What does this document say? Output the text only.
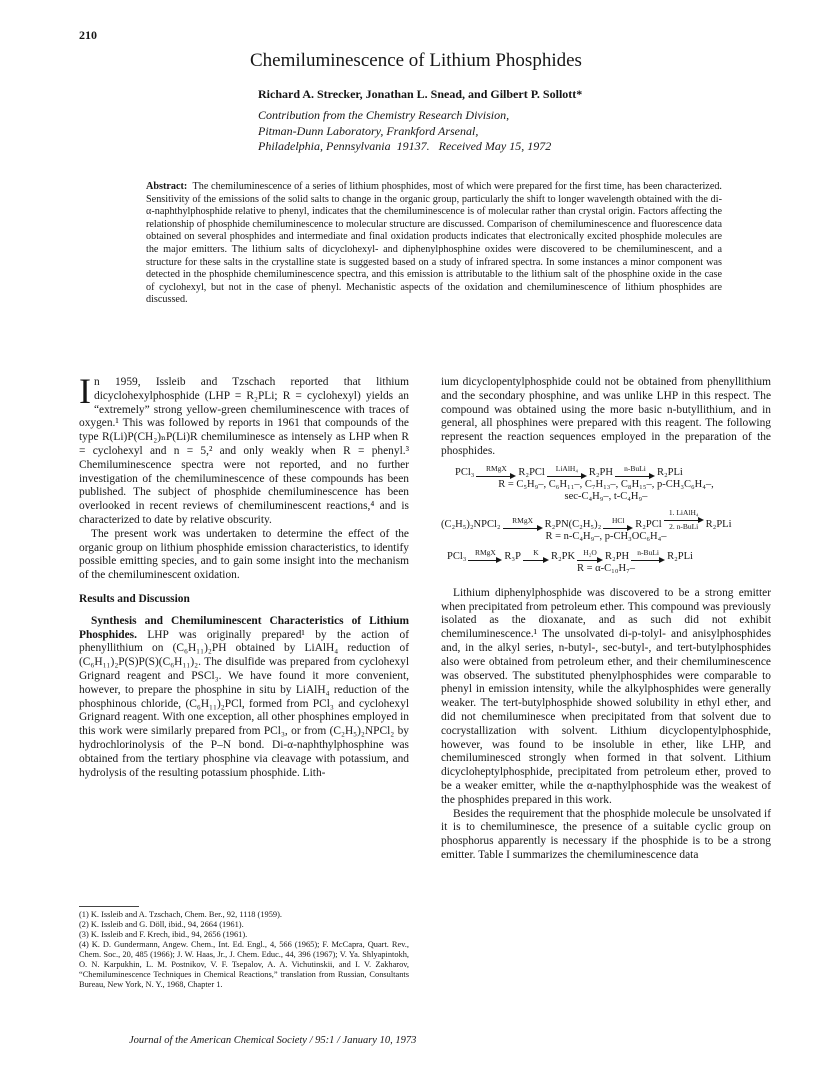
210
Chemiluminescence of Lithium Phosphides
Richard A. Strecker, Jonathan L. Snead, and Gilbert P. Sollott*
Contribution from the Chemistry Research Division,
Pitman-Dunn Laboratory, Frankford Arsenal,
Philadelphia, Pennsylvania  19137.   Received May 15, 1972
Abstract: The chemiluminescence of a series of lithium phosphides, most of which were prepared for the first time, has been characterized. Sensitivity of the emissions of the solid salts to change in the organic group, particularly the shift to longer wavelength obtained with the di-α-naphthylphosphide relative to phenyl, indicates that the chemiluminescence is of molecular rather than crystal origin. Factors affecting the relationship of phosphide chemiluminescence to molecular structure are discussed. Comparison of chemiluminescence and fluorescence data obtained on several phosphides and intermediate and final oxidation products indicates that electronically excited phosphide molecules are the major emitters. The lithium salts of dicyclohexyl- and diphenylphosphine oxides were discovered to be chemiluminescent, and a structure for these salts in the crystalline state is suggested based on a study of infrared spectra. In some instances a minor component was detected in the phosphide chemiluminescence spectra, and this emission is attributable to the lithium salt of the phosphine oxide in the case of cyclohexyl, but not in the case of phenyl. Mechanistic aspects of the oxidation and chemiluminescence of lithium phosphides are discussed.

In 1959, Issleib and Tzschach reported that lithium dicyclohexylphosphide (LHP = R₂PLi; R = cyclohexyl) yields an “extremely” strong yellow-green chemiluminescence with traces of oxygen.¹ This was followed by reports in 1961 that compounds of the type R(Li)P(CH₂)ₙP(Li)R chemiluminesce as intensely as LHP when R = cyclohexyl and n = 5,² and only weakly when R = phenyl.³ Chemiluminescence spectra were not reported, and no further investigation of the chemiluminescence of these compounds has been published. The subject of phosphide chemiluminescence has been overlooked in recent reviews of chemiluminescent reactions,⁴ and is characterized to date by relative obscurity.

The present work was undertaken to determine the effect of the organic group on lithium phosphide emission characteristics, to identify possible emitting species, and to gain some insight into the mechanism of the chemiluminescent oxidation.

Results and Discussion

Synthesis and Chemiluminescent Characteristics of Lithium Phosphides. LHP was originally prepared¹ by the action of phenyllithium on (C₆H₁₁)₂PH obtained by LiAlH₄ reduction of (C₆H₁₁)₂P(S)P(S)(C₆H₁₁)₂. The disulfide was prepared from cyclohexyl Grignard reagent and PSCl₃. We have found it more convenient, however, to prepare the phosphine in situ by LiAlH₄ reduction of the phosphinous chloride, (C₆H₁₁)₂PCl, formed from PCl₃ and cyclohexyl Grignard reagent. With one exception, all other phosphines employed in this work were similarly prepared from PCl₃, or from (C₂H₅)₂NPCl₂ by hydrochlorinolysis of the P–N bond. Di-α-naphthylphosphine was obtained from the tertiary phosphine via cleavage with potassium, and hydrolysis of the resulting potassium phosphide. Lith-

(1) K. Issleib and A. Tzschach, Chem. Ber., 92, 1118 (1959).

(2) K. Issleib and G. Döll, ibid., 94, 2664 (1961).

(3) K. Issleib and F. Krech, ibid., 94, 2656 (1961).

(4) K. D. Gundermann, Angew. Chem., Int. Ed. Engl., 4, 566 (1965); F. McCapra, Quart. Rev., Chem. Soc., 20, 485 (1966); J. W. Haas, Jr., J. Chem. Educ., 44, 396 (1967); V. Ya. Shlyapintokh, O. N. Karpukhin, L. M. Postnikov, V. F. Tsepalov, A. A. Vichutinskii, and I. V. Zakharov, “Chemiluminescence Techniques in Chemical Reactions,” translation from Russian, Consultants Bureau, New York, N. Y., 1968, Chapter 1.

ium dicyclopentylphosphide could not be obtained from phenyllithium and the secondary phosphine, and was unlike LHP in this respect. The compound was obtained using the more basic n-butyllithium, and in general, all phosphines were prepared with this reagent. The following represent the reaction sequences employed in the preparation of the phosphides.

PCl₃ RMgX R₂PCl LiAlH₄ R₂PH n-BuLi R₂PLi
R = C₅H₉–, C₆H₁₁–, C₇H₁₃–, C₈H₁₅–, p-CH₃C₆H₄–,
sec-C₄H₉–, t-C₄H₉–
(C₂H₅)₂NPCl₂ RMgX R₂PN(C₂H₅)₂ HCl R₂PCl
1. LiAlH₄
2. n-BuLi R₂PLi
R = n-C₄H₉–, p-CH₃OC₆H₄–
PCl₃ RMgX R₃P K R₂PK H₂O R₂PH n-BuLi R₂PLi
R = α-C₁₀H₇–

Lithium diphenylphosphide was discovered to be a strong emitter when precipitated from petroleum ether. This compound was previously isolated as the dioxanate, and as such did not exhibit chemiluminescence.¹ The unsolvated di-p-tolyl- and anisylphosphides and, in the alkyl series, n-butyl-, sec-butyl-, and tert-butylphosphides also were obtained from petroleum ether, and their chemiluminescence was observed. The substituted phenylphosphides were comparable to phenyl in emission intensity, while the alkylphosphides were generally weaker. The tert-butylphosphide showed solubility in ethyl ether, and did not chemiluminesce when precipitated from that solvent due to cocrystallization with solvent. Lithium dicyclopentylphosphide, however, was found to be insoluble in ether, like LHP, and chemiluminesced strongly when formed in that solvent. Lithium dicycloheptylphosphide, precipitated from petroleum ether, proved to be a weaker emitter, while the α-napthylphosphide was the weakest of the phosphides prepared in this work.

Besides the requirement that the phosphide molecule be unsolvated if it is to chemiluminesce, the presence of a suitable cyclic group on phosphorus apparently is necessary if the phosphide is to be a strong emitter. Table I summarizes the chemiluminescence data

Journal of the American Chemical Society / 95:1 / January 10, 1973
